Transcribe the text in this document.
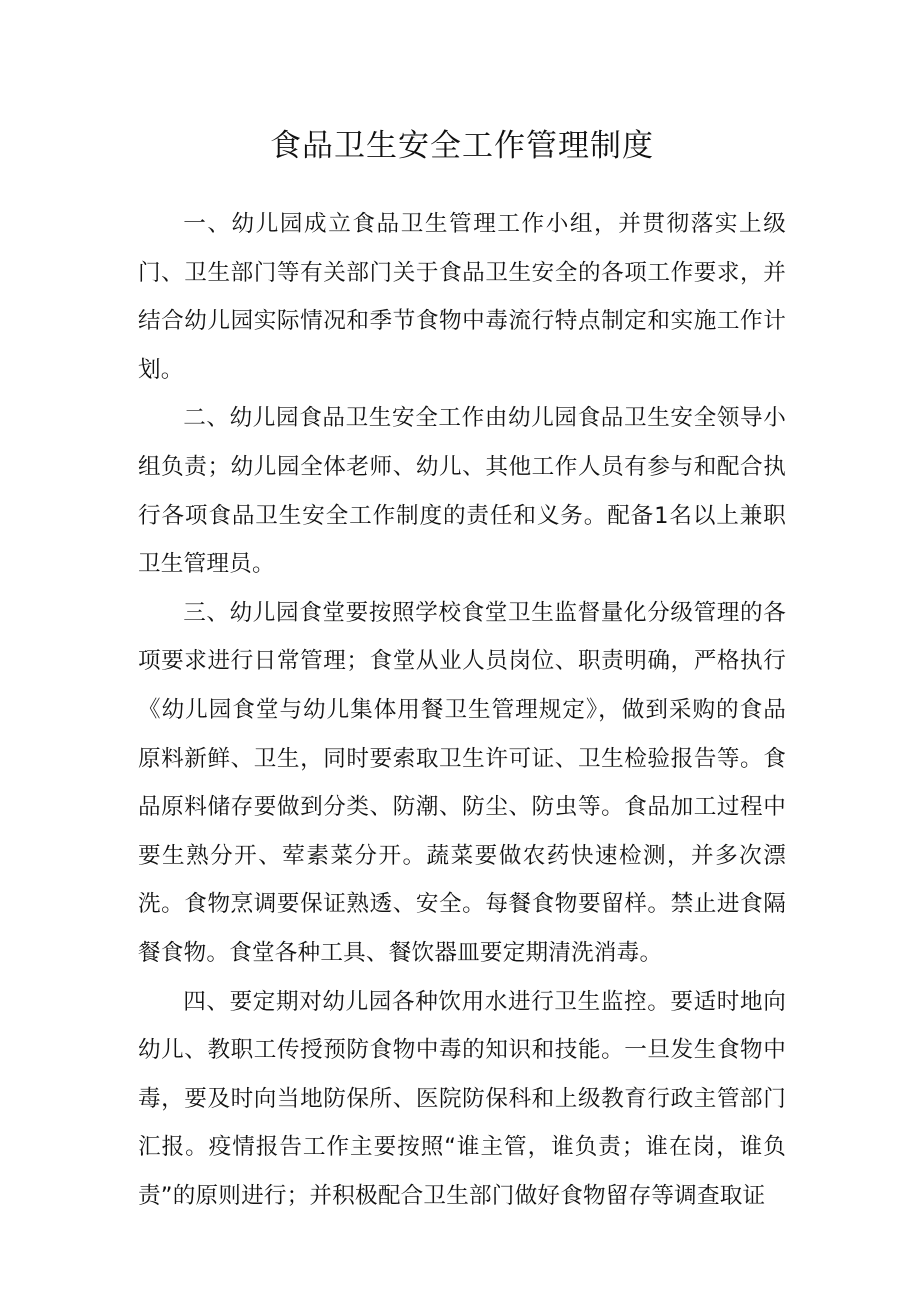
食品卫生安全工作管理制度

一、幼儿园成立食品卫生管理工作小组，并贯彻落实上级门、卫生部门等有关部门关于食品卫生安全的各项工作要求，并结合幼儿园实际情况和季节食物中毒流行特点制定和实施工作计划。

二、幼儿园食品卫生安全工作由幼儿园食品卫生安全领导小组负责；幼儿园全体老师、幼儿、其他工作人员有参与和配合执行各项食品卫生安全工作制度的责任和义务。配备1名以上兼职卫生管理员。

三、幼儿园食堂要按照学校食堂卫生监督量化分级管理的各项要求进行日常管理；食堂从业人员岗位、职责明确，严格执行《幼儿园食堂与幼儿集体用餐卫生管理规定》，做到采购的食品原料新鲜、卫生，同时要索取卫生许可证、卫生检验报告等。食品原料储存要做到分类、防潮、防尘、防虫等。食品加工过程中要生熟分开、荤素菜分开。蔬菜要做农药快速检测，并多次漂洗。食物烹调要保证熟透、安全。每餐食物要留样。禁止进食隔餐食物。食堂各种工具、餐饮器皿要定期清洗消毒。

四、要定期对幼儿园各种饮用水进行卫生监控。要适时地向幼儿、教职工传授预防食物中毒的知识和技能。一旦发生食物中毒，要及时向当地防保所、医院防保科和上级教育行政主管部门汇报。疫情报告工作主要按照“谁主管，谁负责；谁在岗，谁负责”的原则进行；并积极配合卫生部门做好食物留存等调查取证
